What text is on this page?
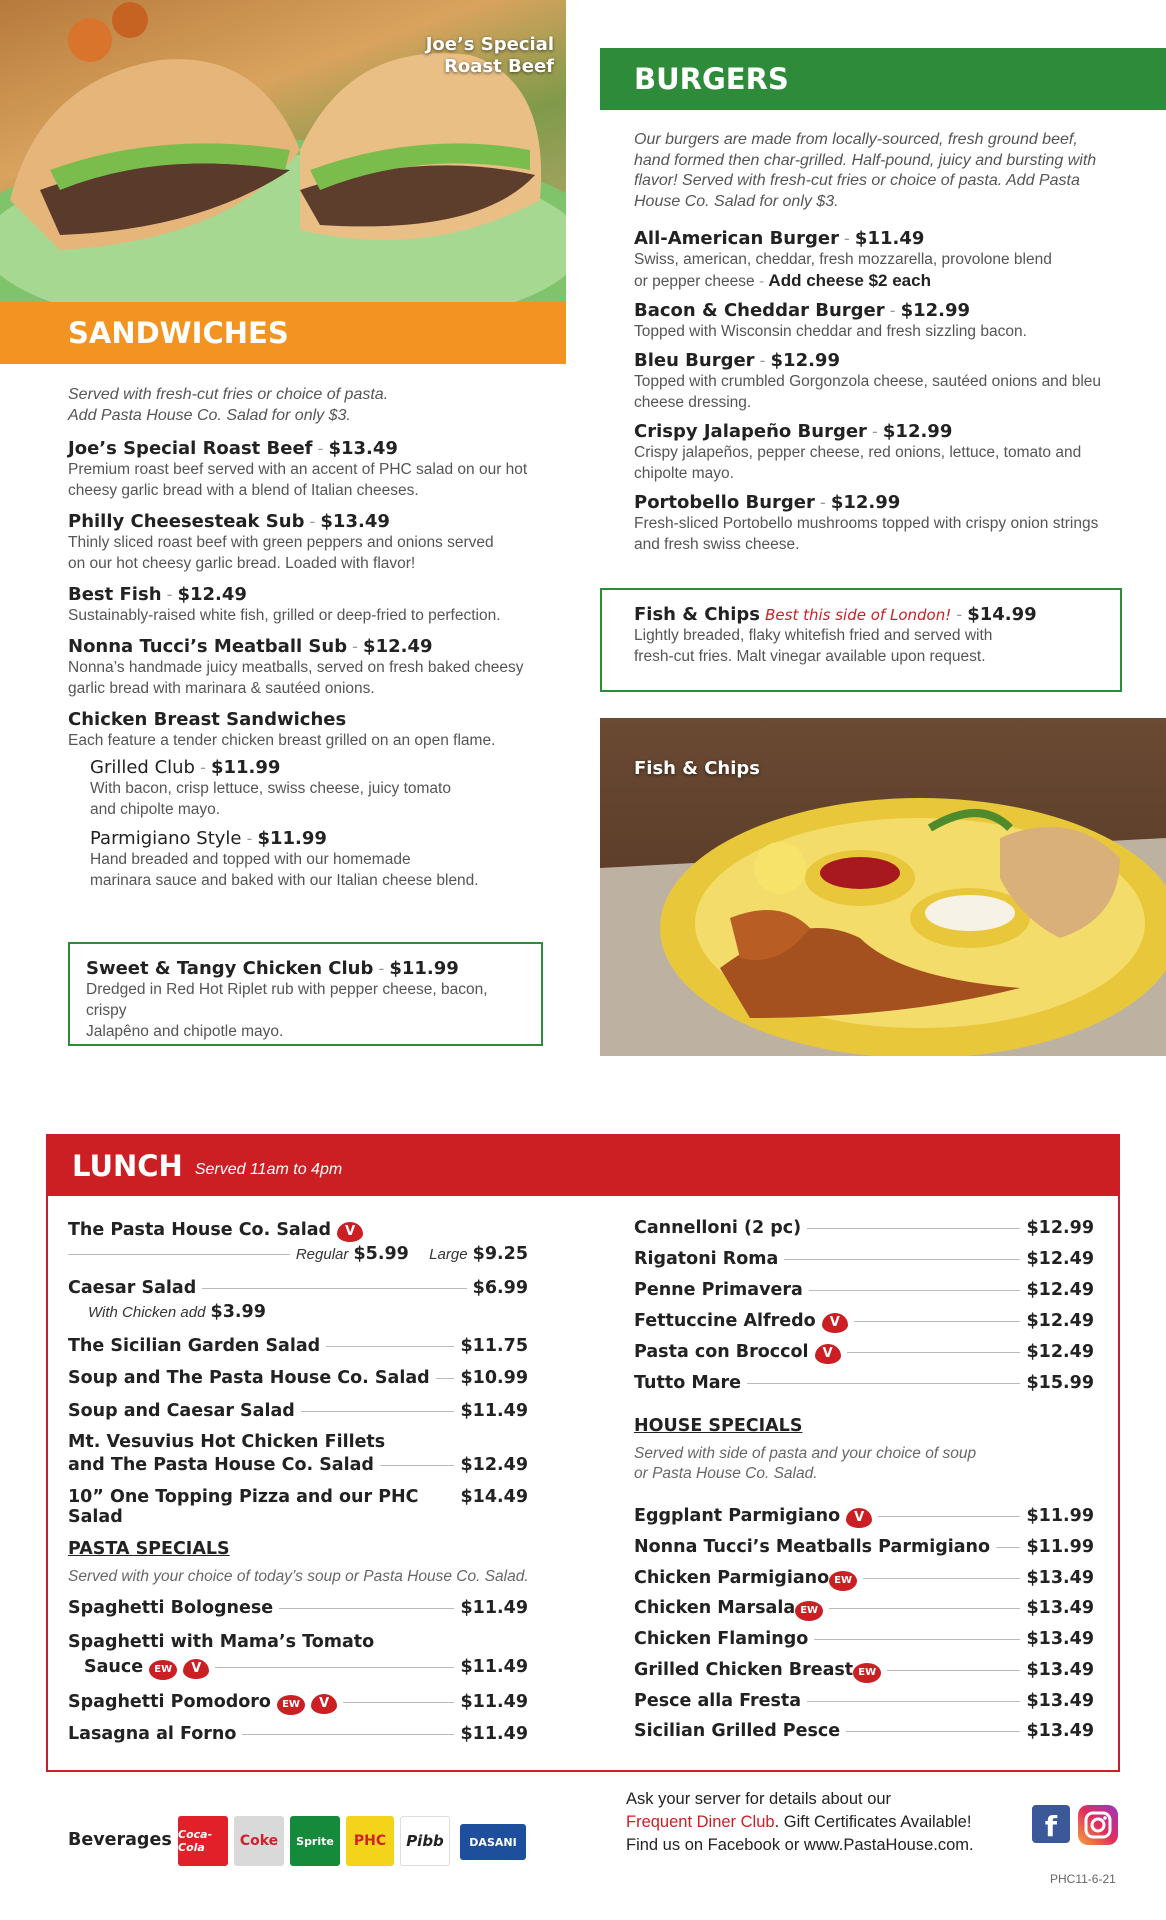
Joe’s Special
Roast Beef
SANDWICHES
Served with fresh-cut fries or choice of pasta.
Add Pasta House Co. Salad for only $3.
Joe’s Special Roast Beef - $13.49
Premium roast beef served with an accent of PHC salad on our hot
cheesy garlic bread with a blend of Italian cheeses.
Philly Cheesesteak Sub - $13.49
Thinly sliced roast beef with green peppers and onions served
on our hot cheesy garlic bread. Loaded with flavor!
Best Fish - $12.49
Sustainably-raised white fish, grilled or deep-fried to perfection.
Nonna Tucci’s Meatball Sub - $12.49
Nonna’s handmade juicy meatballs, served on fresh baked cheesy
garlic bread with marinara & sautéed onions.
Chicken Breast Sandwiches
Each feature a tender chicken breast grilled on an open flame.
Grilled Club - $11.99
With bacon, crisp lettuce, swiss cheese, juicy tomato
and chipolte mayo.
Parmigiano Style - $11.99
Hand breaded and topped with our homemade
marinara sauce and baked with our Italian cheese blend.
Sweet & Tangy Chicken Club - $11.99
Dredged in Red Hot Riplet rub with pepper cheese, bacon, crispy
Jalapêno and chipotle mayo.
BURGERS
Our burgers are made from locally-sourced, fresh ground beef,
hand formed then char-grilled. Half-pound, juicy and bursting with
flavor! Served with fresh-cut fries or choice of pasta. Add Pasta
House Co. Salad for only $3.
All-American Burger - $11.49
Swiss, american, cheddar, fresh mozzarella, provolone blend
or pepper cheese - Add cheese $2 each
Bacon & Cheddar Burger - $12.99
Topped with Wisconsin cheddar and fresh sizzling bacon.
Bleu Burger - $12.99
Topped with crumbled Gorgonzola cheese, sautéed onions and bleu
cheese dressing.
Crispy Jalapeño Burger - $12.99
Crispy jalapeños, pepper cheese, red onions, lettuce, tomato and
chipolte mayo.
Portobello Burger - $12.99
Fresh-sliced Portobello mushrooms topped with crispy onion strings
and fresh swiss cheese.
Fish & Chips Best this side of London! - $14.99
Lightly breaded, flaky whitefish fried and served with
fresh-cut fries. Malt vinegar available upon request.
Fish & Chips
LUNCH Served 11am to 4pm
The Pasta House Co. Salad
	V
Regular
$5.99
Large
$9.25
Caesar Salad	$6.99
With Chicken add $3.99
The Sicilian Garden Salad	$11.75
Soup and The Pasta House Co. Salad $10.99
Soup and Caesar Salad	$11.49
Mt. Vesuvius Hot Chicken Fillets
and The Pasta House Co. Salad	$12.49
10” One Topping Pizza and our PHC Salad
$14.49
PASTA SPECIALS
Served with your choice of today’s soup or Pasta House Co. Salad.
Spaghetti Bolognese	$11.49
Spaghetti with Mama’s Tomato
Sauce
	EW
	V	$11.49
Spaghetti Pomodoro
	EW
	V	$11.49
Lasagna al Forno	$11.49
Cannelloni (2 pc)	$12.99
Rigatoni Roma	$12.49
Penne Primavera	$12.49
Fettuccine Alfredo
	V	$12.49
Pasta con Broccol
	V	$12.49
Tutto Mare	$15.99
HOUSE SPECIALS
Served with side of pasta and your choice of soup
or Pasta House Co. Salad.
Eggplant Parmigiano
	V	$11.99
Nonna Tucci’s Meatballs Parmigiano $11.99
Chicken Parmigiano EW	$13.49
Chicken Marsala EW	$13.49
Chicken Flamingo	$13.49
Grilled Chicken Breast EW	$13.49
Pesce alla Fresta	$13.49
Sicilian Grilled Pesce	$13.49
Beverages Coca-Cola	Coke	Sprite	PHC	Pibb	DASANI
Ask your server for details about our
Frequent Diner Club. Gift Certificates Available!
Find us on Facebook or www.PastaHouse.com.
f
PHC11-6-21
